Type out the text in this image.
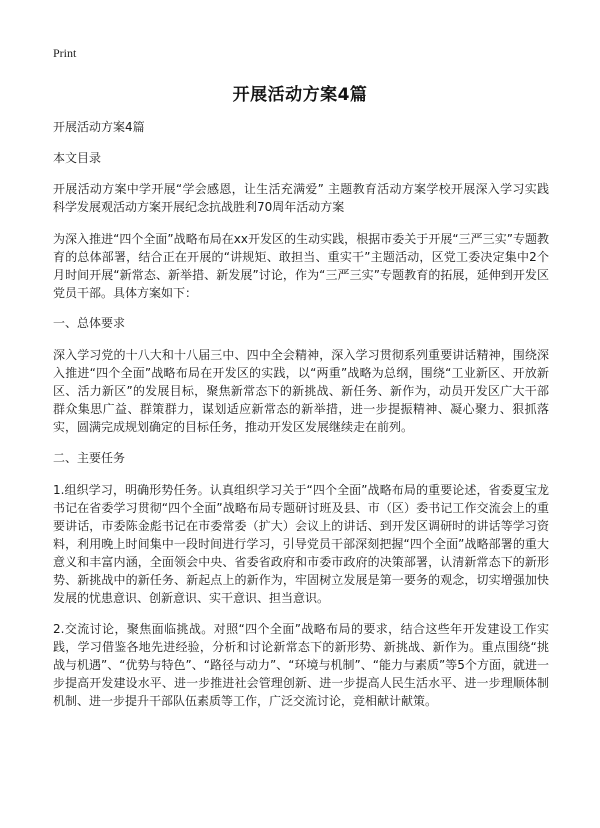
Print
开展活动方案4篇

开展活动方案4篇

本文目录

开展活动方案中学开展“学会感恩，让生活充满爱” 主题教育活动方案学校开展深入学习实践科学发展观活动方案开展纪念抗战胜利70周年活动方案

为深入推进“四个全面”战略布局在xx开发区的生动实践，根据市委关于开展“三严三实”专题教育的总体部署，结合正在开展的“讲规矩、敢担当、重实干”主题活动，区党工委决定集中2个月时间开展“新常态、新举措、新发展”讨论，作为“三严三实”专题教育的拓展，延伸到开发区党员干部。具体方案如下：

一、总体要求

深入学习党的十八大和十八届三中、四中全会精神，深入学习贯彻系列重要讲话精神，围绕深入推进“四个全面”战略布局在开发区的实践，以“两重”战略为总纲，围绕“工业新区、开放新区、活力新区”的发展目标，聚焦新常态下的新挑战、新任务、新作为，动员开发区广大干部群众集思广益、群策群力，谋划适应新常态的新举措，进一步提振精神、凝心聚力、狠抓落实，圆满完成规划确定的目标任务，推动开发区发展继续走在前列。

二、主要任务

1.组织学习，明确形势任务。认真组织学习关于“四个全面”战略布局的重要论述，省委夏宝龙书记在省委学习贯彻“四个全面”战略布局专题研讨班及县、市（区）委书记工作交流会上的重要讲话，市委陈金彪书记在市委常委（扩大）会议上的讲话、到开发区调研时的讲话等学习资料，利用晚上时间集中一段时间进行学习，引导党员干部深刻把握“四个全面”战略部署的重大意义和丰富内涵，全面领会中央、省委省政府和市委市政府的决策部署，认清新常态下的新形势、新挑战中的新任务、新起点上的新作为，牢固树立发展是第一要务的观念，切实增强加快发展的忧患意识、创新意识、实干意识、担当意识。

2.交流讨论，聚焦面临挑战。对照“四个全面”战略布局的要求，结合这些年开发建设工作实践，学习借鉴各地先进经验，分析和讨论新常态下的新形势、新挑战、新作为。重点围绕“挑战与机遇”、“优势与特色”、“路径与动力”、“环境与机制”、“能力与素质”等5个方面，就进一步提高开发建设水平、进一步推进社会管理创新、进一步提高人民生活水平、进一步理顺体制机制、进一步提升干部队伍素质等工作，广泛交流讨论，竞相献计献策。
